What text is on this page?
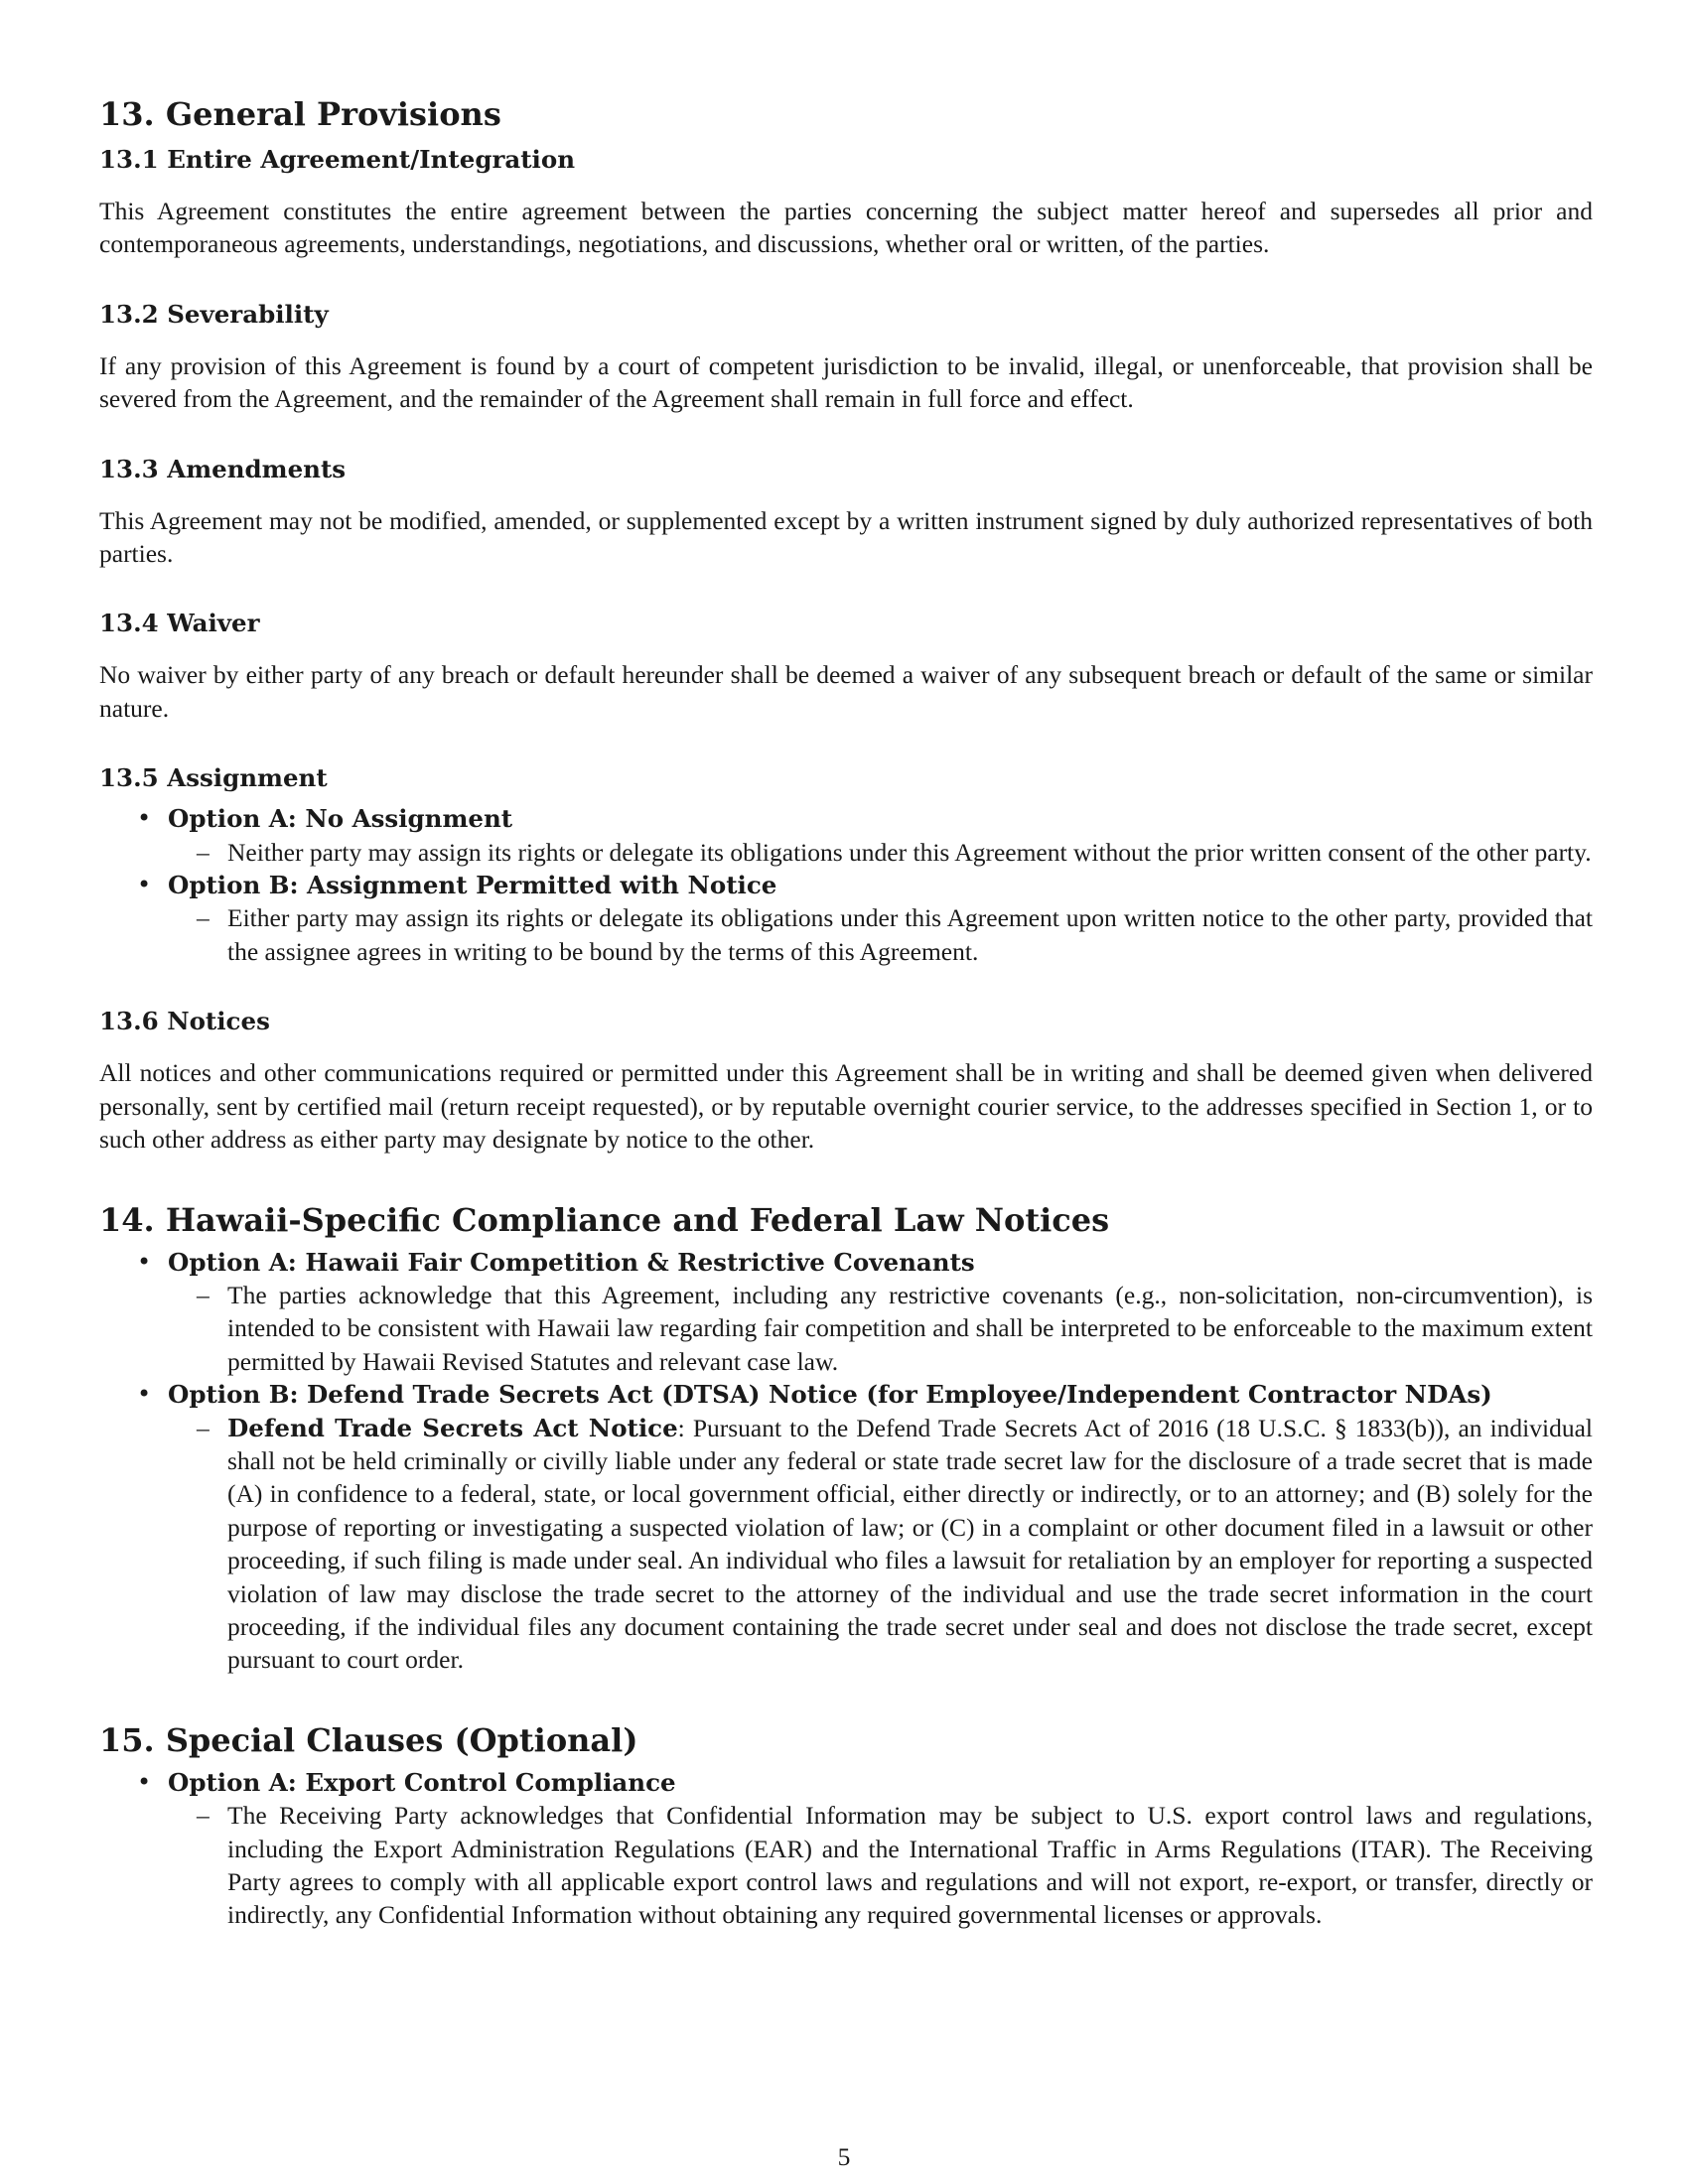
13. General Provisions
13.1 Entire Agreement/Integration

This Agreement constitutes the entire agreement between the parties concerning the subject matter hereof and supersedes all prior and contemporaneous agreements, understandings, negotiations, and discussions, whether oral or written, of the parties.

13.2 Severability

If any provision of this Agreement is found by a court of competent jurisdiction to be invalid, illegal, or unenforceable, that provision shall be severed from the Agreement, and the remainder of the Agreement shall remain in full force and effect.

13.3 Amendments

This Agreement may not be modified, amended, or supplemented except by a written instrument signed by duly authorized representatives of both parties.

13.4 Waiver

No waiver by either party of any breach or default hereunder shall be deemed a waiver of any subsequent breach or default of the same or similar nature.

13.5 Assignment
• Option A: No Assignment
– Neither party may assign its rights or delegate its obligations under this Agreement without the prior written consent of the other party.

• Option B: Assignment Permitted with Notice
– Either party may assign its rights or delegate its obligations under this Agreement upon written notice to the other party, provided that the assignee agrees in writing to be bound by the terms of this Agreement.

13.6 Notices

All notices and other communications required or permitted under this Agreement shall be in writing and shall be deemed given when delivered personally, sent by certified mail (return receipt requested), or by reputable overnight courier service, to the addresses specified in Section 1, or to such other address as either party may designate by notice to the other.

14. Hawaii-Specific Compliance and Federal Law Notices
• Option A: Hawaii Fair Competition & Restrictive Covenants
– The parties acknowledge that this Agreement, including any restrictive covenants (e.g., non-solicitation, non-circumvention), is intended to be consistent with Hawaii law regarding fair competition and shall be interpreted to be enforceable to the maximum extent permitted by Hawaii Revised Statutes and relevant case law.

• Option B: Defend Trade Secrets Act (DTSA) Notice (for Employee/Independent Contractor NDAs)
– Defend Trade Secrets Act Notice: Pursuant to the Defend Trade Secrets Act of 2016 (18 U.S.C. § 1833(b)), an individual shall not be held criminally or civilly liable under any federal or state trade secret law for the disclosure of a trade secret that is made (A) in confidence to a federal, state, or local government official, either directly or indirectly, or to an attorney; and (B) solely for the purpose of reporting or investigating a suspected violation of law; or (C) in a complaint or other document filed in a lawsuit or other proceeding, if such filing is made under seal. An individual who files a lawsuit for retaliation by an employer for reporting a suspected violation of law may disclose the trade secret to the attorney of the individual and use the trade secret information in the court proceeding, if the individual files any document containing the trade secret under seal and does not disclose the trade secret, except pursuant to court order.

15. Special Clauses (Optional)
• Option A: Export Control Compliance
– The Receiving Party acknowledges that Confidential Information may be subject to U.S. export control laws and regulations, including the Export Administration Regulations (EAR) and the International Traffic in Arms Regulations (ITAR). The Receiving Party agrees to comply with all applicable export control laws and regulations and will not export, re-export, or transfer, directly or indirectly, any Confidential Information without obtaining any required governmental licenses or approvals.

5
